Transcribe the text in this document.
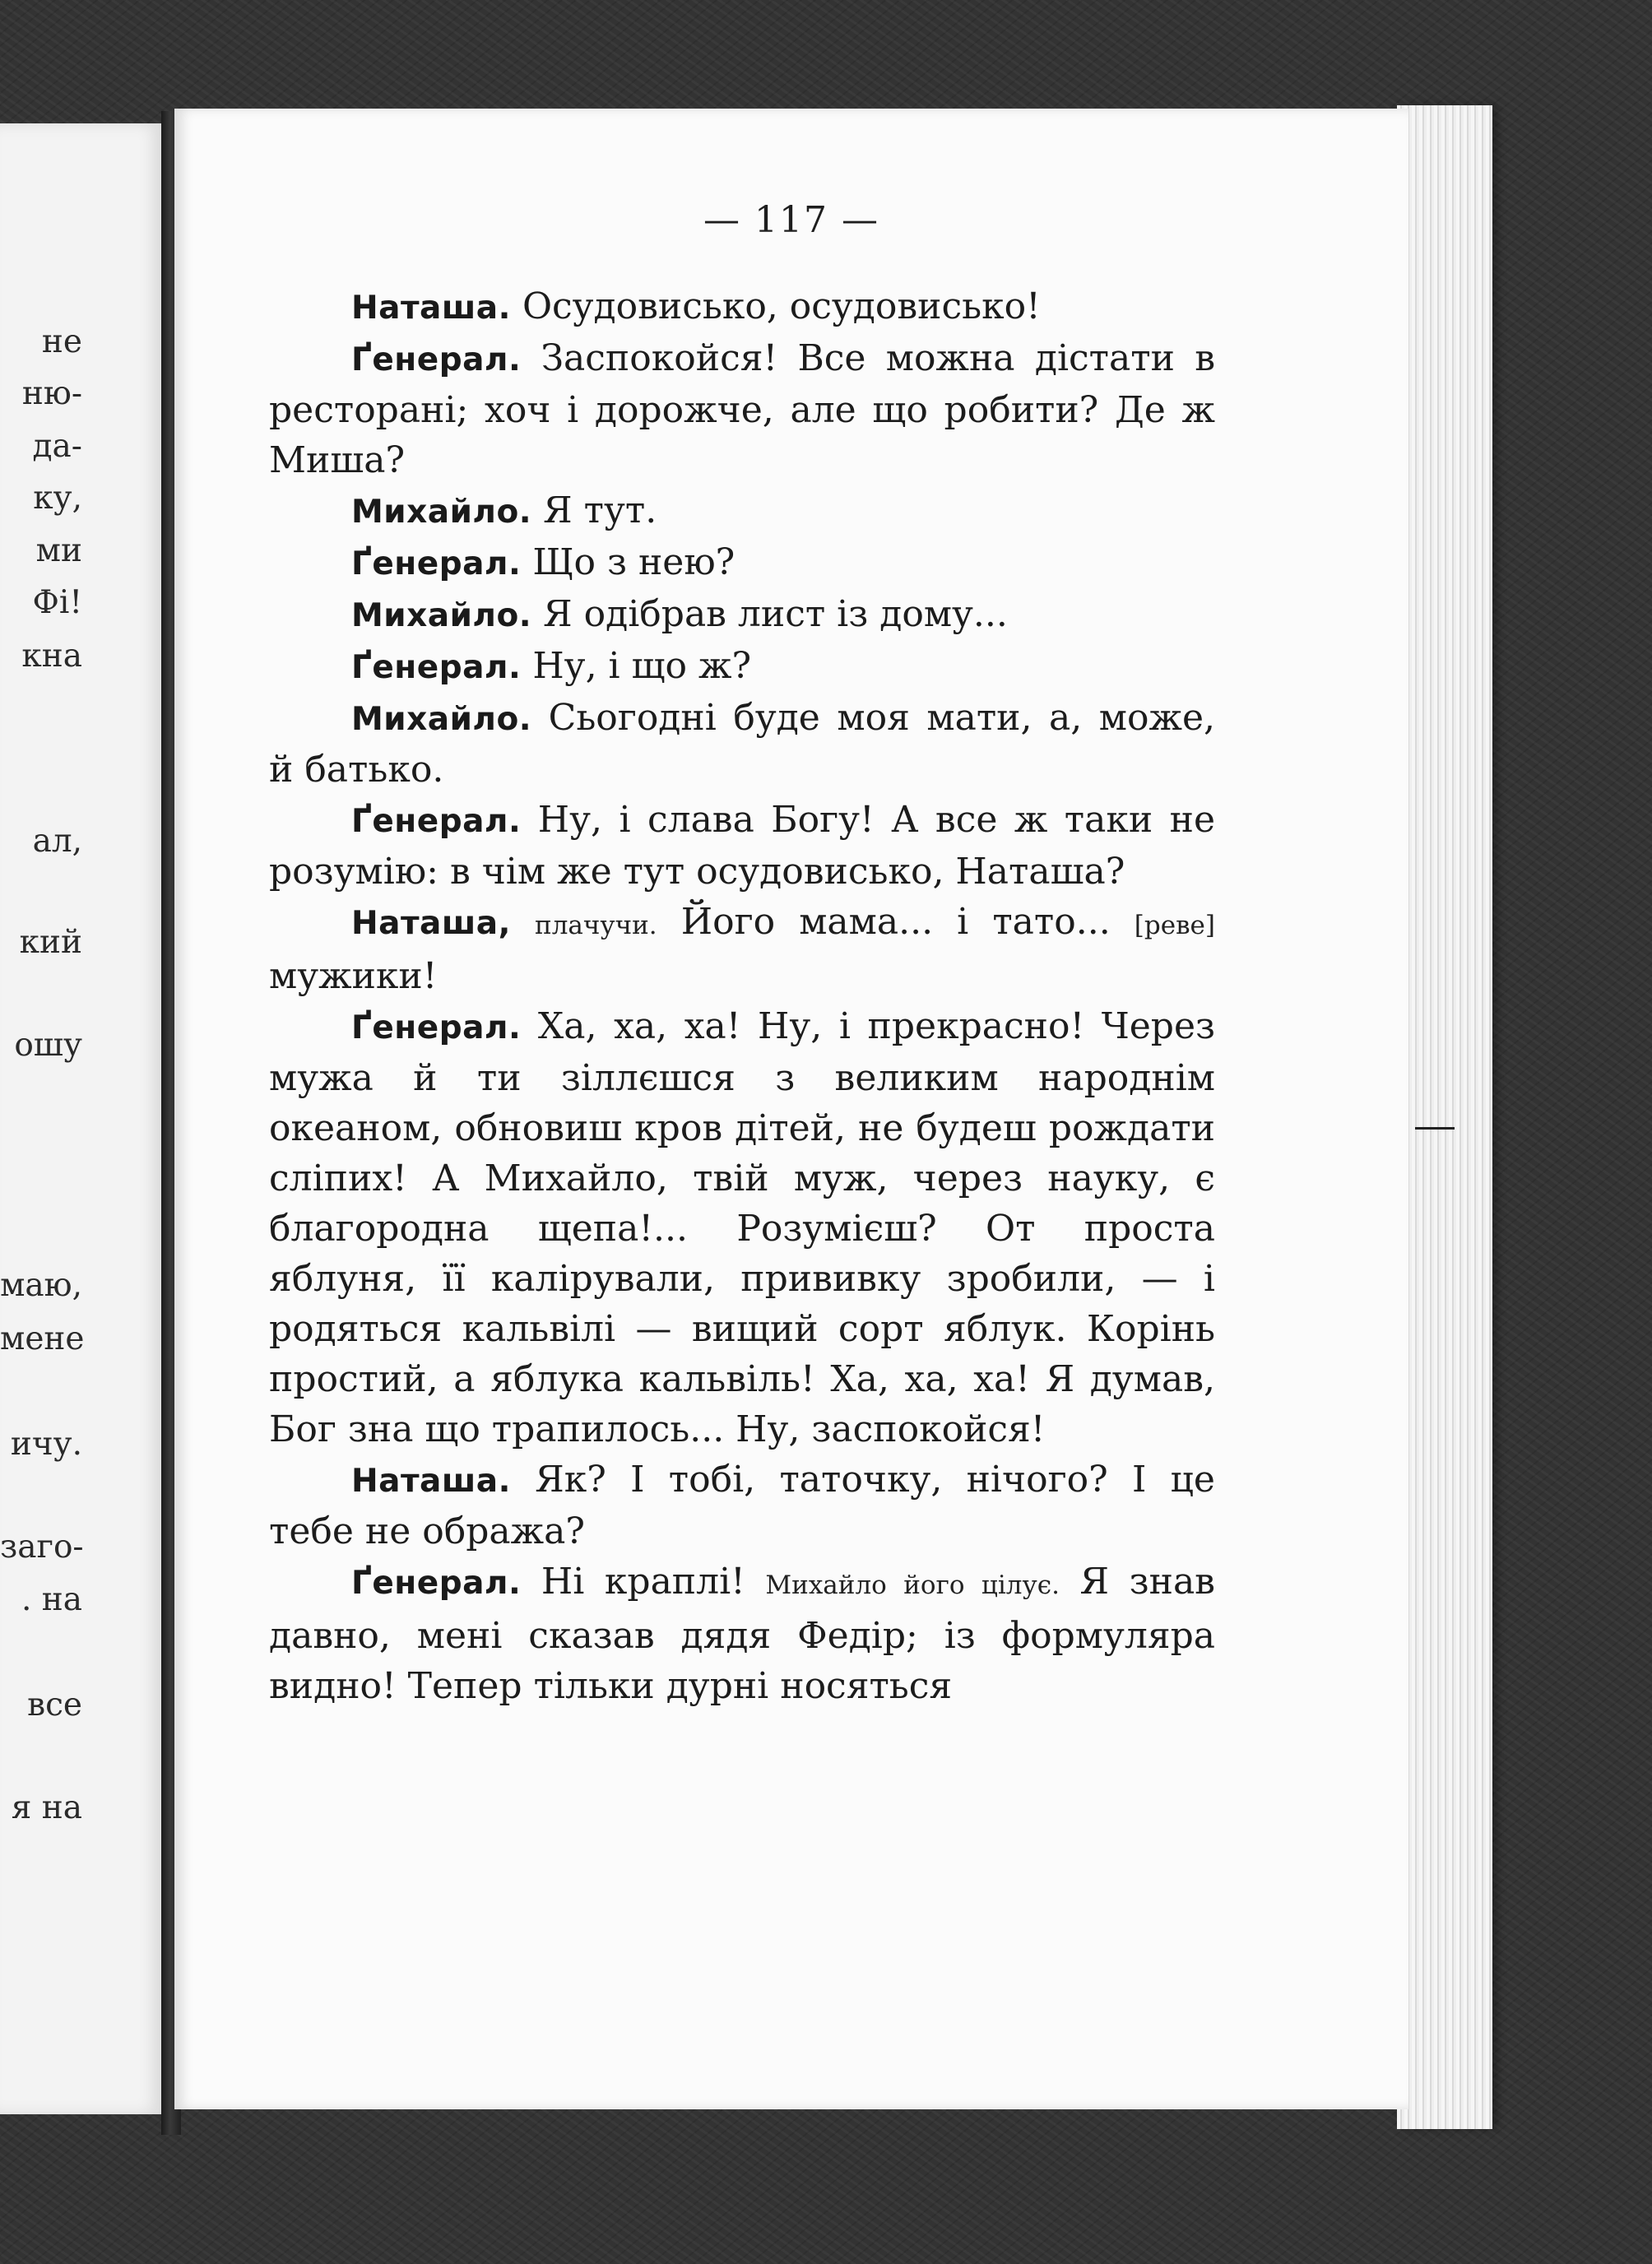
не
ню-
да-
ку,
ми
Фі!
кна
ал,
кий
ошу
маю,
мене
ичу.
заго-
. на
все
я на
— 117 —

Наташа. Осудовисько, осудовисько!

Ґенерал. Заспокойся! Все можна дістати в ресторані; хоч і дорожче, але що робити? Де ж Миша?

Михайло. Я тут.

Ґенерал. Що з нею?

Михайло. Я одібрав лист із дому...

Ґенерал. Ну, і що ж?

Михайло. Сьогодні буде моя мати, а, може, й батько.

Ґенерал. Ну, і слава Богу! А все ж таки не розумію: в чім же тут осудовисько, Наташа?

Наташа, плачучи. Його мама... і тато... [реве] мужики!

Ґенерал. Ха, ха, ха! Ну, і прекрасно! Через мужа й ти зіллєшся з великим народнім океаном, обновиш кров дітей, не будеш рождати сліпих! А Михайло, твій муж, через науку, є благородна щепа!... Розумієш? От проста яблуня, її калірували, прививку зробили, — і родяться кальвілі — вищий сорт яблук. Корінь простий, а яблука кальвіль! Ха, ха, ха! Я думав, Бог зна що трапилось... Ну, заспокойся!

Наташа. Як? І тобі, таточку, нічого? І це тебе не обража?

Ґенерал. Ні краплі! Михайло його цілує. Я знав давно, мені сказав дядя Федір; із формуляра видно! Тепер тільки дурні носяться
